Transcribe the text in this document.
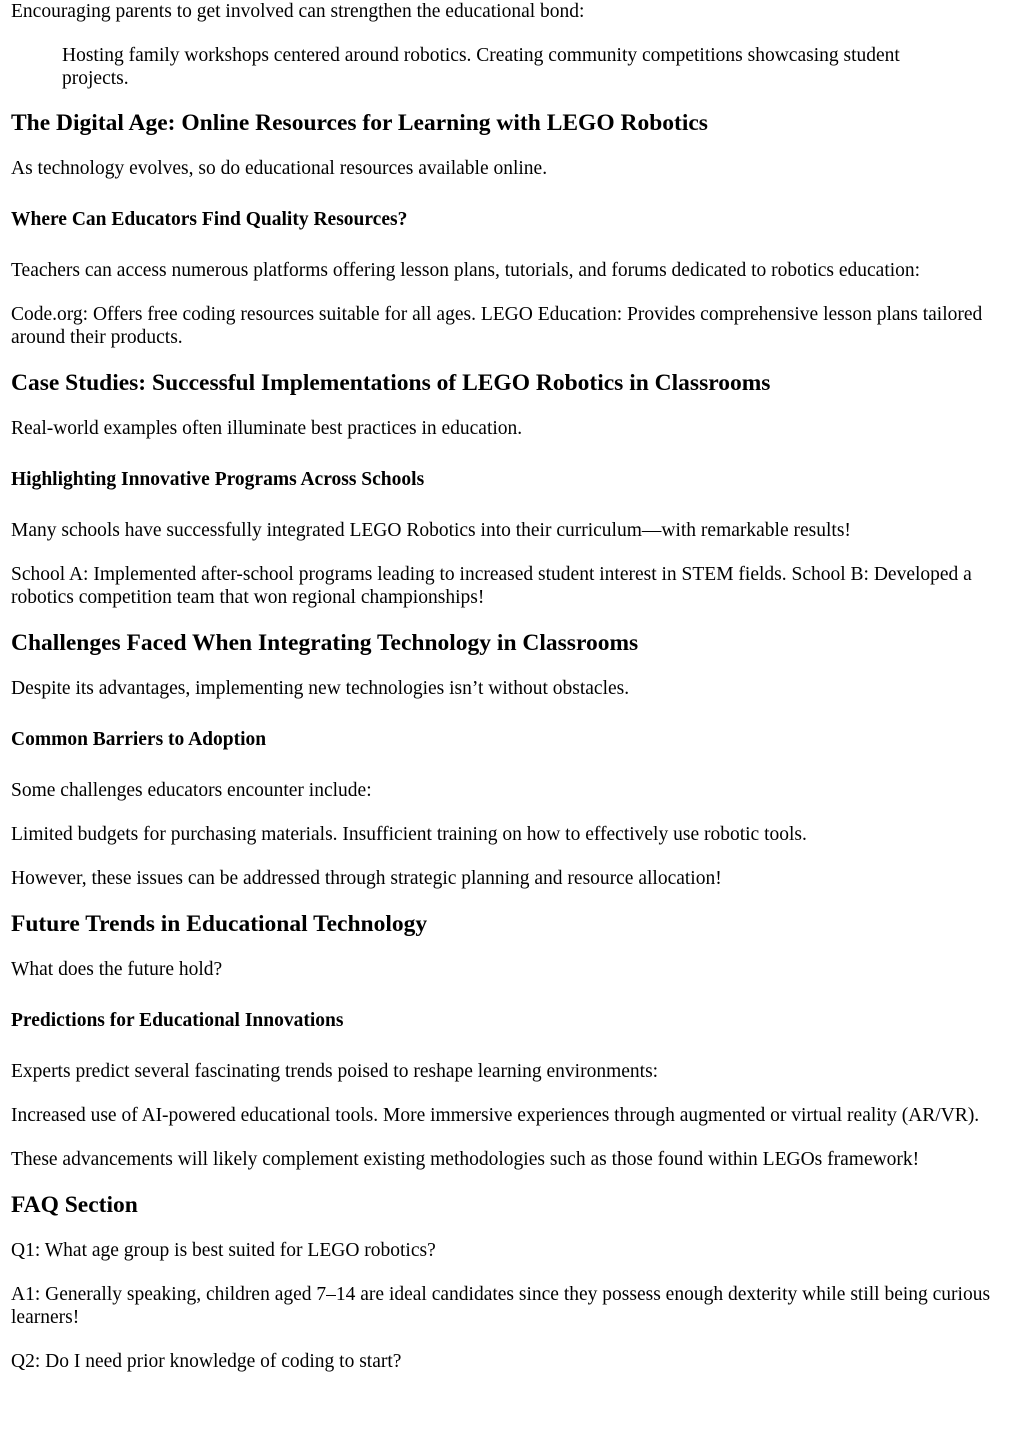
Encouraging parents to get involved can strengthen the educational bond:

Hosting family workshops centered around robotics. Creating community competitions showcasing student projects.

The Digital Age: Online Resources for Learning with LEGO Robotics

As technology evolves, so do educational resources available online.

Where Can Educators Find Quality Resources?

Teachers can access numerous platforms offering lesson plans, tutorials, and forums dedicated to robotics education:

Code.org: Offers free coding resources suitable for all ages. LEGO Education: Provides comprehensive lesson plans tailored around their products.

Case Studies: Successful Implementations of LEGO Robotics in Classrooms

Real-world examples often illuminate best practices in education.

Highlighting Innovative Programs Across Schools

Many schools have successfully integrated LEGO Robotics into their curriculum—with remarkable results!

School A: Implemented after-school programs leading to increased student interest in STEM fields. School B: Developed a robotics competition team that won regional championships!

Challenges Faced When Integrating Technology in Classrooms

Despite its advantages, implementing new technologies isn’t without obstacles.

Common Barriers to Adoption

Some challenges educators encounter include:

Limited budgets for purchasing materials. Insufficient training on how to effectively use robotic tools.

However, these issues can be addressed through strategic planning and resource allocation!

Future Trends in Educational Technology

What does the future hold?

Predictions for Educational Innovations

Experts predict several fascinating trends poised to reshape learning environments:

Increased use of AI-powered educational tools. More immersive experiences through augmented or virtual reality (AR/VR).

These advancements will likely complement existing methodologies such as those found within LEGOs framework!

FAQ Section

Q1: What age group is best suited for LEGO robotics?

A1: Generally speaking, children aged 7–14 are ideal candidates since they possess enough dexterity while still being curious learners!

Q2: Do I need prior knowledge of coding to start?
